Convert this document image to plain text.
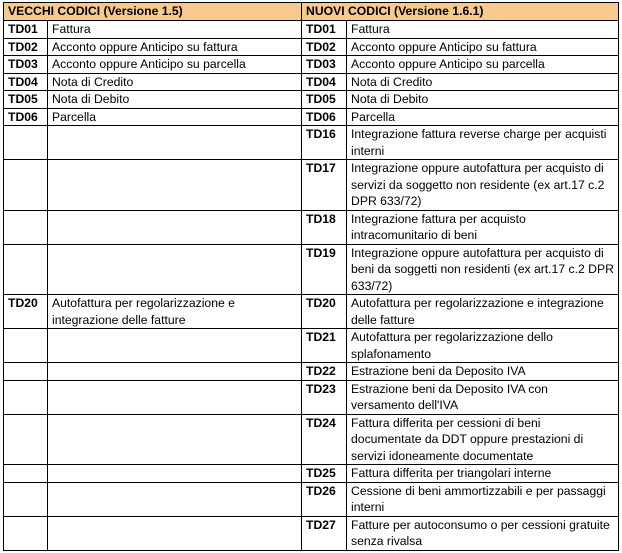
VECCHI CODICI (Versione 1.5)		NUOVI CODICI (Versione 1.6.1)	
TD01	Fattura	TD01	Fattura
TD02	Acconto oppure Anticipo su fattura	TD02	Acconto oppure Anticipo su fattura
TD03	Acconto oppure Anticipo su parcella	TD03	Acconto oppure Anticipo su parcella
TD04	Nota di Credito	TD04	Nota di Credito
TD05	Nota di Debito	TD05	Nota di Debito
TD06	Parcella	TD06	Parcella
		TD16	Integrazione fattura reverse charge per acquisti interni
		TD17	Integrazione oppure autofattura per acquisto di servizi da soggetto non residente (ex art.17 c.2 DPR 633/72)
		TD18	Integrazione fattura per acquisto intracomunitario di beni
		TD19	Integrazione oppure autofattura per acquisto di beni da soggetti non residenti (ex art.17 c.2 DPR 633/72)
TD20	Autofattura per regolarizzazione e integrazione delle fatture	TD20	Autofattura per regolarizzazione e integrazione delle fatture
		TD21	Autofattura per regolarizzazione dello splafonamento
		TD22	Estrazione beni da Deposito IVA
		TD23	Estrazione beni da Deposito IVA con versamento dell'IVA
		TD24	Fattura differita per cessioni di beni documentate da DDT oppure prestazioni di servizi idoneamente documentate
		TD25	Fattura differita per triangolari interne
		TD26	Cessione di beni ammortizzabili e per passaggi interni
		TD27	Fatture per autoconsumo o per cessioni gratuite senza rivalsa
